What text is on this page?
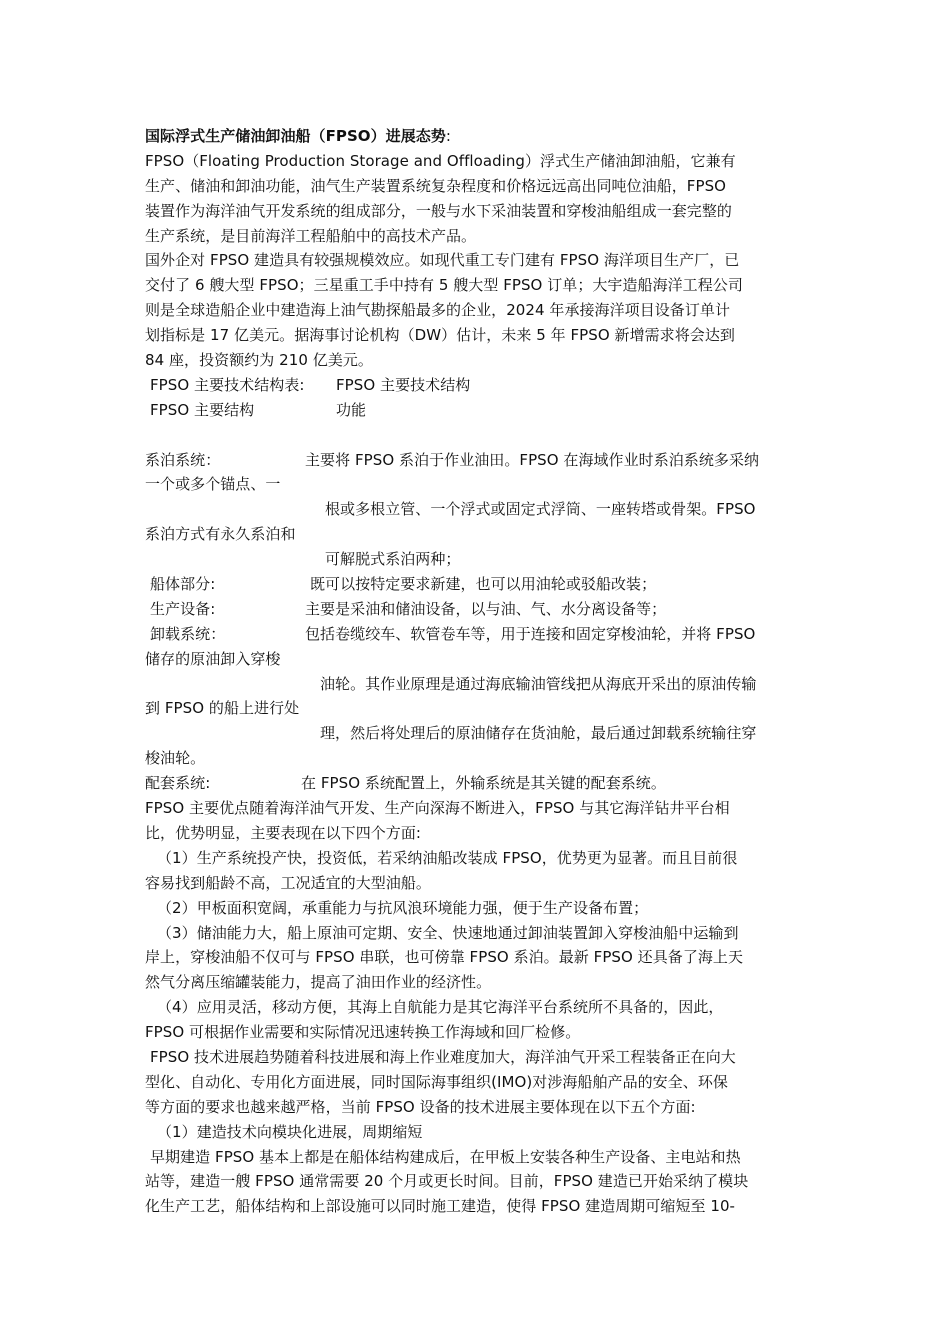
国际浮式生产储油卸油船（FPSO）进展态势:
FPSO（Floating Production Storage and Offloading）浮式生产储油卸油船，它兼有
生产、储油和卸油功能，油气生产装置系统复杂程度和价格远远高出同吨位油船，FPSO
装置作为海洋油气开发系统的组成部分，一般与水下采油装置和穿梭油船组成一套完整的
生产系统，是目前海洋工程船舶中的高技术产品。
国外企对 FPSO 建造具有较强规模效应。如现代重工专门建有 FPSO 海洋项目生产厂，已
交付了 6 艘大型 FPSO；三星重工手中持有 5 艘大型 FPSO 订单；大宇造船海洋工程公司
则是全球造船企业中建造海上油气勘探船最多的企业，2024 年承接海洋项目设备订单计
划指标是 17 亿美元。据海事讨论机构（DW）估计，未来 5 年 FPSO 新增需求将会达到
84 座，投资额约为 210 亿美元。
FPSO 主要技术结构表: FPSO 主要技术结构
FPSO 主要结构	功能
系泊系统：	主要将 FPSO 系泊于作业油田。FPSO 在海域作业时系泊系统多采纳
一个或多个锚点、一
根或多根立管、一个浮式或固定式浮筒、一座转塔或骨架。FPSO
系泊方式有永久系泊和
可解脱式系泊两种；
船体部分:	既可以按特定要求新建，也可以用油轮或驳船改装；
生产设备:	主要是采油和储油设备，以与油、气、水分离设备等；
卸载系统：	包括卷缆绞车、软管卷车等，用于连接和固定穿梭油轮，并将 FPSO
储存的原油卸入穿梭
油轮。其作业原理是通过海底输油管线把从海底开采出的原油传输
到 FPSO 的船上进行处
理，然后将处理后的原油储存在货油舱，最后通过卸载系统输往穿
梭油轮。
配套系统:	在 FPSO 系统配置上，外输系统是其关键的配套系统。
FPSO 主要优点随着海洋油气开发、生产向深海不断进入，FPSO 与其它海洋钻井平台相
比，优势明显，主要表现在以下四个方面:
（1）生产系统投产快，投资低，若采纳油船改装成 FPSO，优势更为显著。而且目前很
容易找到船龄不高，工况适宜的大型油船。
（2）甲板面积宽阔，承重能力与抗风浪环境能力强，便于生产设备布置；
（3）储油能力大，船上原油可定期、安全、快速地通过卸油装置卸入穿梭油船中运输到
岸上，穿梭油船不仅可与 FPSO 串联，也可傍靠 FPSO 系泊。最新 FPSO 还具备了海上天
然气分离压缩罐装能力，提高了油田作业的经济性。
（4）应用灵活，移动方便，其海上自航能力是其它海洋平台系统所不具备的，因此，
FPSO 可根据作业需要和实际情况迅速转换工作海域和回厂检修。
FPSO 技术进展趋势随着科技进展和海上作业难度加大，海洋油气开采工程装备正在向大
型化、自动化、专用化方面进展，同时国际海事组织(IMO)对涉海船舶产品的安全、环保
等方面的要求也越来越严格，当前 FPSO 设备的技术进展主要体现在以下五个方面:
（1）建造技术向模块化进展，周期缩短
早期建造 FPSO 基本上都是在船体结构建成后，在甲板上安装各种生产设备、主电站和热
站等，建造一艘 FPSO 通常需要 20 个月或更长时间。目前，FPSO 建造已开始采纳了模块
化生产工艺，船体结构和上部设施可以同时施工建造，使得 FPSO 建造周期可缩短至 10-
